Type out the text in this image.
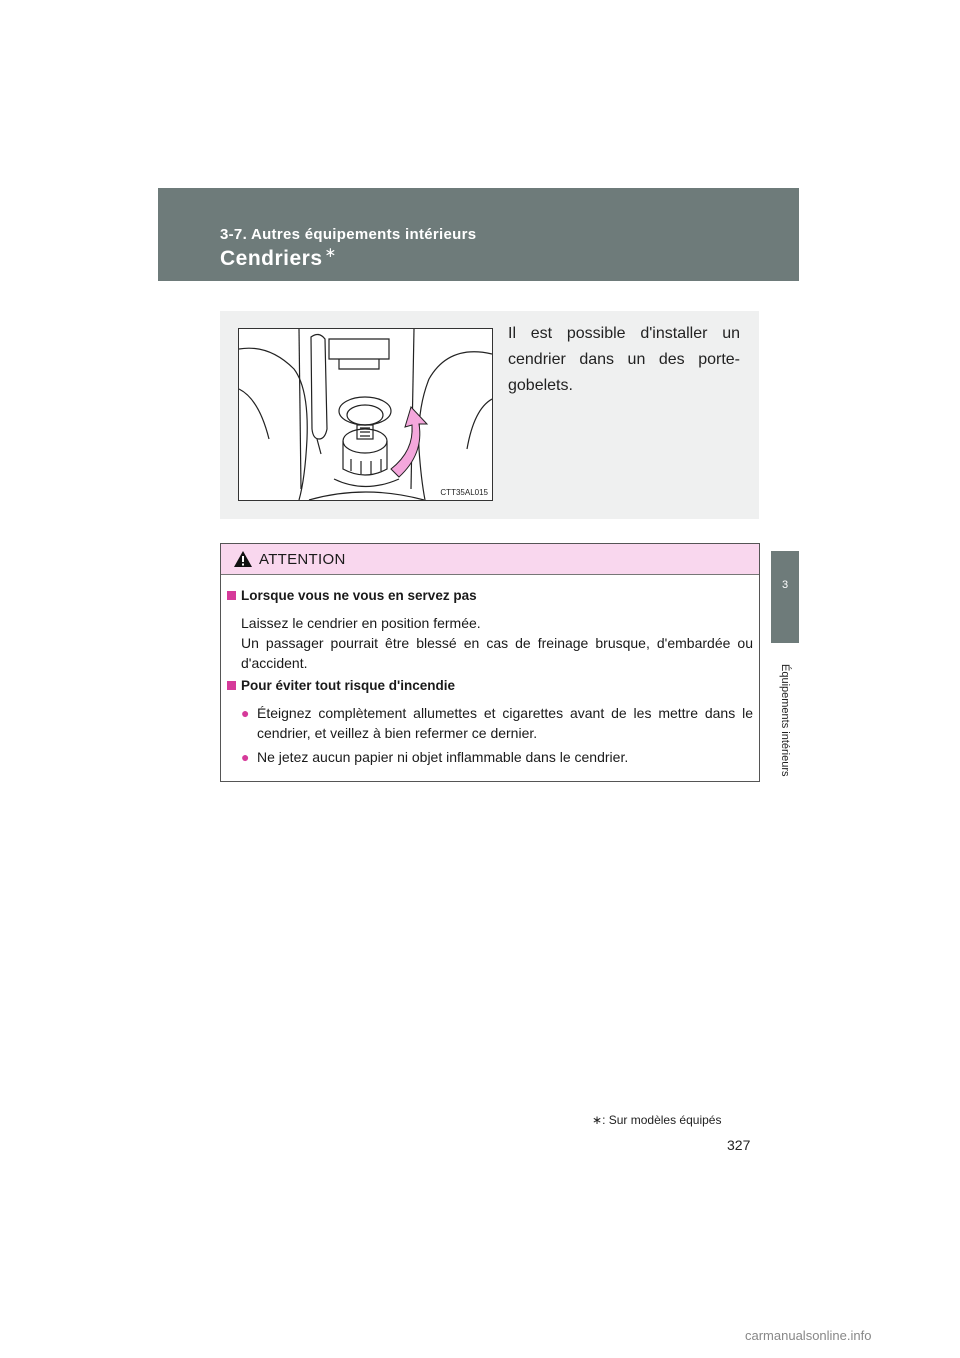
3-7. Autres équipements intérieurs
Cendriers ∗
3
Équipements intérieurs
CTT35AL015
Il est possible d'installer un cendrier dans un des porte-gobelets.
ATTENTION
Lorsque vous ne vous en servez pas
Laissez le cendrier en position fermée.
Un passager pourrait être blessé en cas de freinage brusque, d'embardée ou d'accident.
Pour éviter tout risque d'incendie
● Éteignez complètement allumettes et cigarettes avant de les mettre dans le cendrier, et veillez à bien refermer ce dernier.
● Ne jetez aucun papier ni objet inflammable dans le cendrier.
∗: Sur modèles équipés
327
carmanualsonline.info
